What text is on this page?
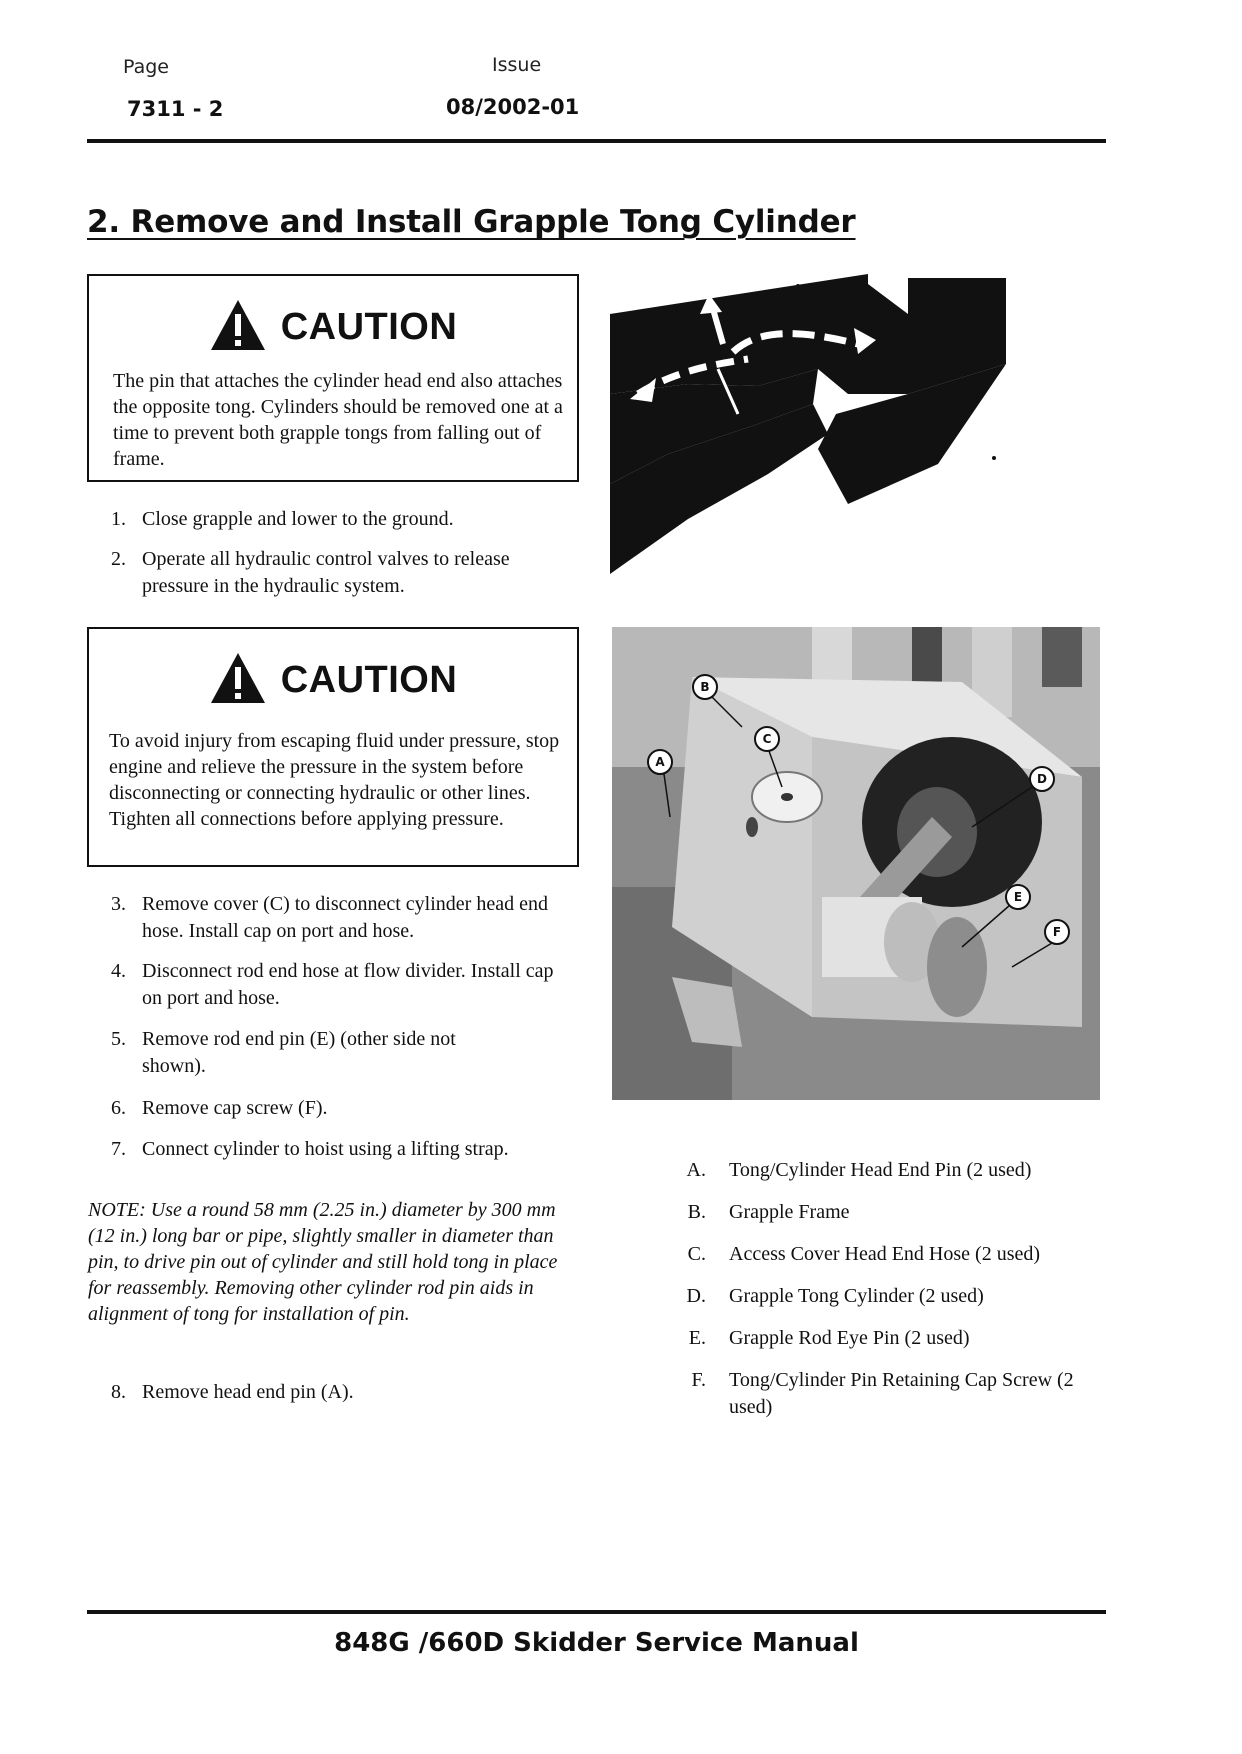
Page
7311 - 2
Issue
08/2002-01
2. Remove and Install Grapple Tong Cylinder
CAUTION
The pin that attaches the cylinder head end also attaches the opposite tong. Cylinders should be removed one at a time to prevent both grapple tongs from falling out of frame.
1. Close grapple and lower to the ground.
2. Operate all hydraulic control valves to release pressure in the hydraulic system.
CAUTION
To avoid injury from escaping fluid under pressure, stop engine and relieve the pressure in the system before disconnecting or connecting hydraulic or other lines. Tighten all connections before applying pressure.
B
A
C
D
E
F
3. Remove cover (C) to disconnect cylinder head end hose. Install cap on port and hose.
4. Disconnect rod end hose at flow divider. Install cap on port and hose.
5. Remove rod end pin (E) (other side not shown).
6. Remove cap screw (F).
7. Connect cylinder to hoist using a lifting strap.
NOTE: Use a round 58 mm (2.25 in.) diameter by 300 mm (12 in.) long bar or pipe, slightly smaller in diameter than pin, to drive pin out of cylinder and still hold tong in place for reassembly. Removing other cylinder rod pin aids in alignment of tong for installation of pin.
8. Remove head end pin (A).
A. Tong/Cylinder Head End Pin (2 used)
B. Grapple Frame
C. Access Cover Head End Hose (2 used)
D. Grapple Tong Cylinder (2 used)
E. Grapple Rod Eye Pin (2 used)
F. Tong/Cylinder Pin Retaining Cap Screw (2 used)
848G /660D Skidder Service Manual
